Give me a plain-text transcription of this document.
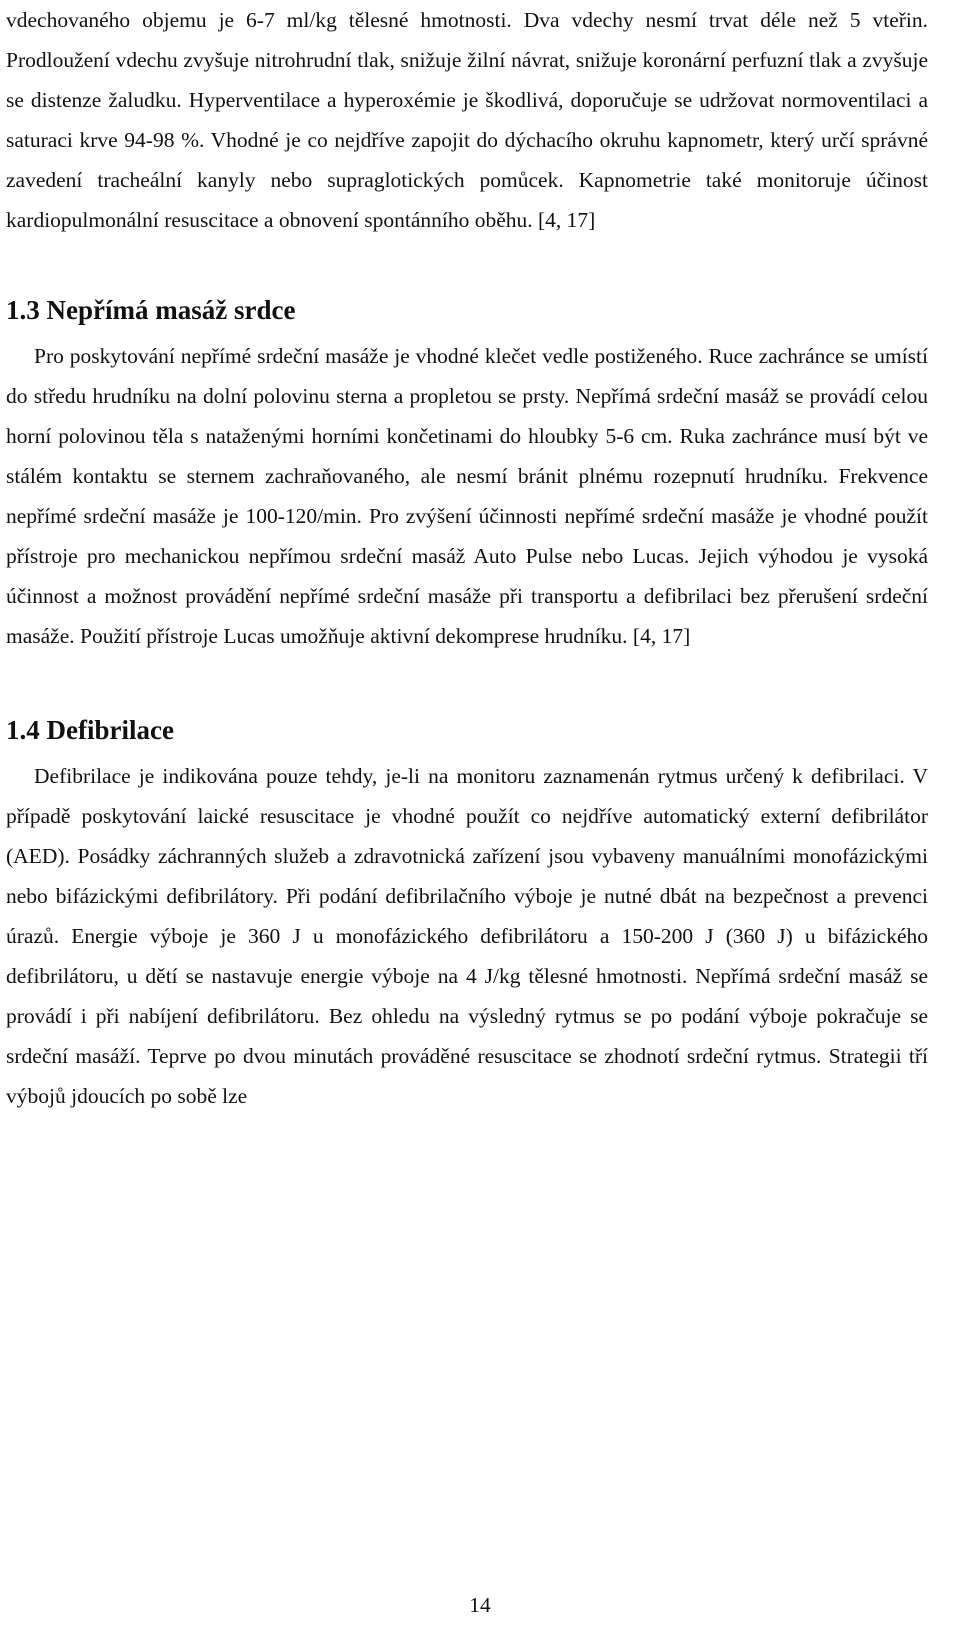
vdechovaného objemu je 6-7 ml/kg tělesné hmotnosti. Dva vdechy nesmí trvat déle než 5 vteřin. Prodloužení vdechu zvyšuje nitrohrudní tlak, snižuje žilní návrat, snižuje koronární perfuzní tlak a zvyšuje se distenze žaludku. Hyperventilace a hyperoxémie je škodlivá, doporučuje se udržovat normoventilaci a saturaci krve 94-98 %. Vhodné je co nejdříve zapojit do dýchacího okruhu kapnometr, který určí správné zavedení tracheální kanyly nebo supraglotických pomůcek. Kapnometrie také monitoruje účinost kardiopulmonální resuscitace a obnovení spontánního oběhu. [4, 17]

1.3 Nepřímá masáž srdce

Pro poskytování nepřímé srdeční masáže je vhodné klečet vedle postiženého. Ruce zachránce se umístí do středu hrudníku na dolní polovinu sterna a propletou se prsty. Nepřímá srdeční masáž se provádí celou horní polovinou těla s nataženými horními končetinami do hloubky 5-6 cm. Ruka zachránce musí být ve stálém kontaktu se sternem zachraňovaného, ale nesmí bránit plnému rozepnutí hrudníku. Frekvence nepřímé srdeční masáže je 100-120/min. Pro zvýšení účinnosti nepřímé srdeční masáže je vhodné použít přístroje pro mechanickou nepřímou srdeční masáž Auto Pulse nebo Lucas. Jejich výhodou je vysoká účinnost a možnost provádění nepřímé srdeční masáže při transportu a defibrilaci bez přerušení srdeční masáže. Použití přístroje Lucas umožňuje aktivní dekomprese hrudníku. [4, 17]

1.4 Defibrilace

Defibrilace je indikována pouze tehdy, je-li na monitoru zaznamenán rytmus určený k defibrilaci. V případě poskytování laické resuscitace je vhodné použít co nejdříve automatický externí defibrilátor (AED). Posádky záchranných služeb a zdravotnická zařízení jsou vybaveny manuálními monofázickými nebo bifázickými defibrilátory. Při podání defibrilačního výboje je nutné dbát na bezpečnost a prevenci úrazů. Energie výboje je 360 J u monofázického defibrilátoru a 150-200 J (360 J) u bifázického defibrilátoru, u dětí se nastavuje energie výboje na 4 J/kg tělesné hmotnosti. Nepřímá srdeční masáž se provádí i při nabíjení defibrilátoru. Bez ohledu na výsledný rytmus se po podání výboje pokračuje se srdeční masáží. Teprve po dvou minutách prováděné resuscitace se zhodnotí srdeční rytmus. Strategii tří výbojů jdoucích po sobě lze

14
